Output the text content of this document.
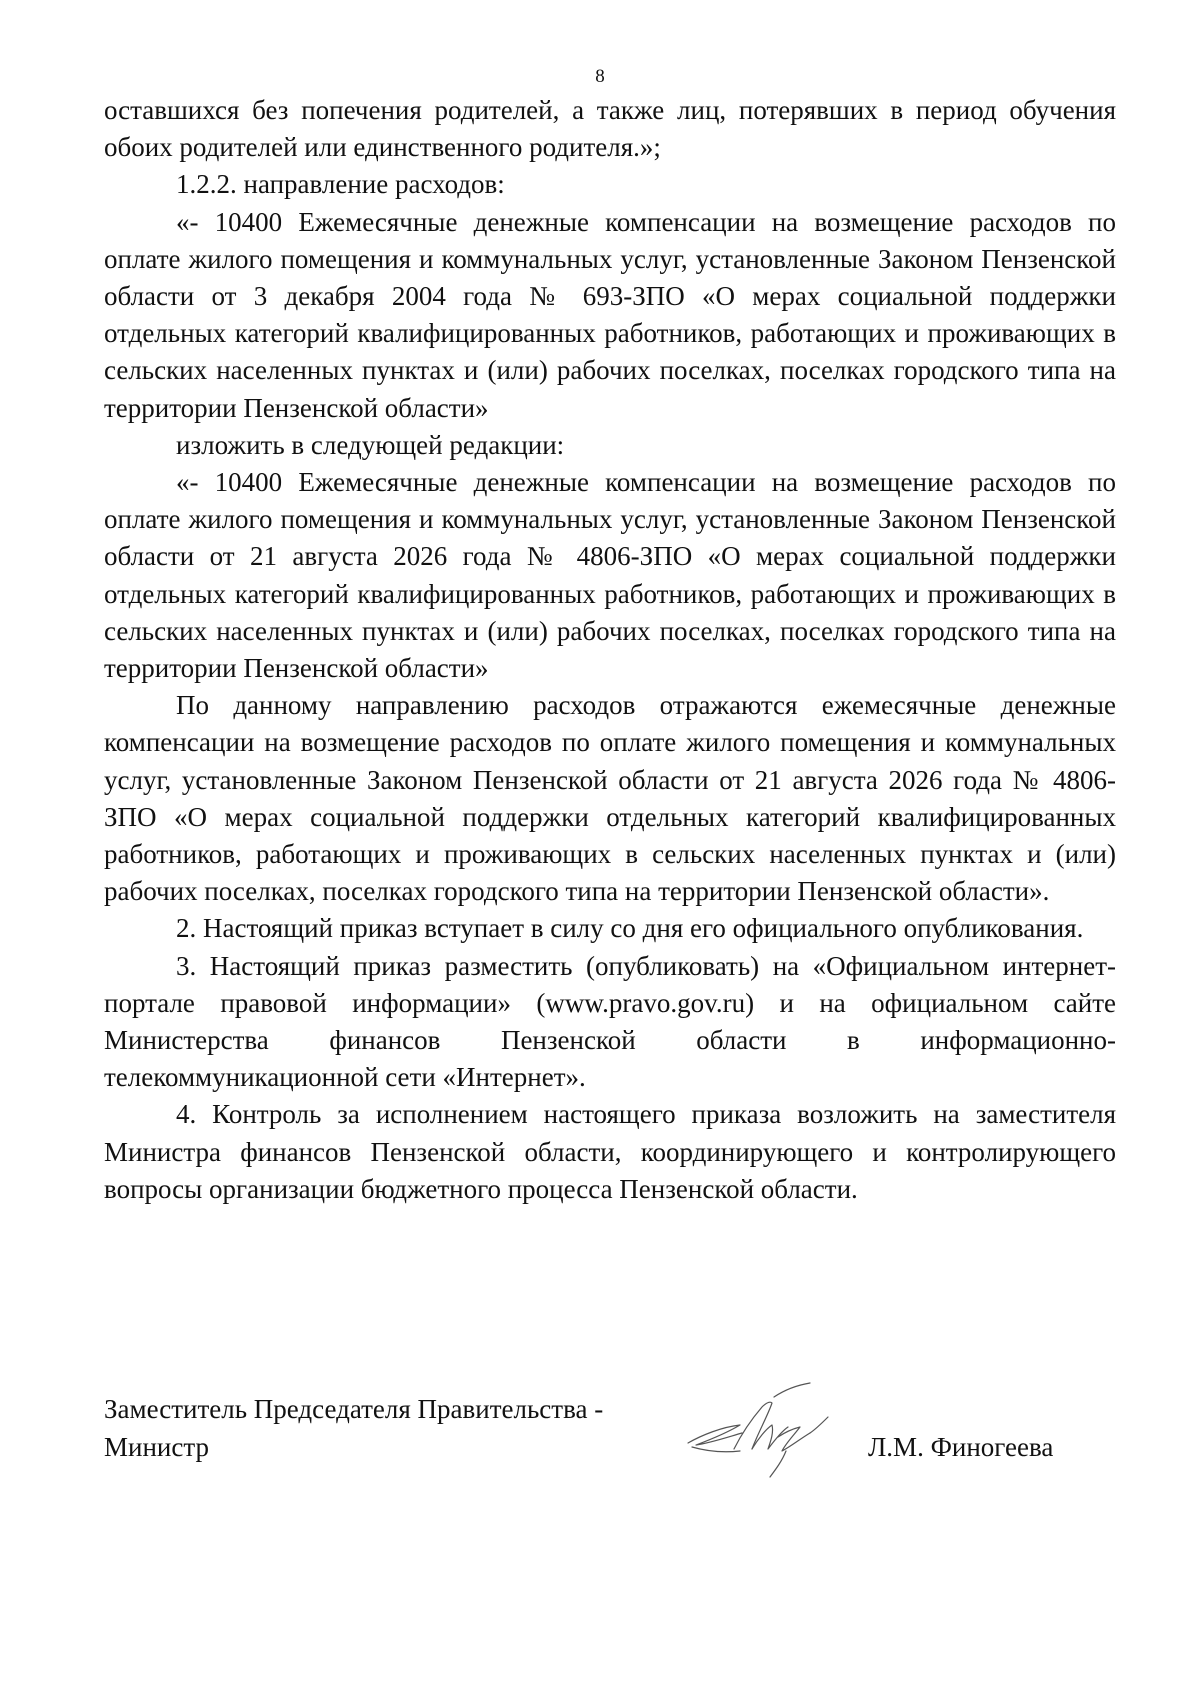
8

оставшихся без попечения родителей, а также лиц, потерявших в период обучения обоих родителей или единственного родителя.»;

1.2.2. направление расходов:

«- 10400 Ежемесячные денежные компенсации на возмещение расходов по оплате жилого помещения и коммунальных услуг, установленные Законом Пензенской области от 3 декабря 2004 года № 693-ЗПО «О мерах социальной поддержки отдельных категорий квалифицированных работников, работающих и проживающих в сельских населенных пунктах и (или) рабочих поселках, поселках городского типа на территории Пензенской области»

изложить в следующей редакции:

«- 10400 Ежемесячные денежные компенсации на возмещение расходов по оплате жилого помещения и коммунальных услуг, установленные Законом Пензенской области от 21 августа 2026 года № 4806-ЗПО «О мерах социальной поддержки отдельных категорий квалифицированных работников, работающих и проживающих в сельских населенных пунктах и (или) рабочих поселках, поселках городского типа на территории Пензенской области»

По данному направлению расходов отражаются ежемесячные денежные компенсации на возмещение расходов по оплате жилого помещения и коммунальных услуг, установленные Законом Пензенской области от 21 августа 2026 года № 4806-ЗПО «О мерах социальной поддержки отдельных категорий квалифицированных работников, работающих и проживающих в сельских населенных пунктах и (или) рабочих поселках, поселках городского типа на территории Пензенской области».

2. Настоящий приказ вступает в силу со дня его официального опубликования.

3. Настоящий приказ разместить (опубликовать) на «Официальном интернет-портале правовой информации» (www.pravo.gov.ru) и на официальном сайте Министерства финансов Пензенской области в информационно-телекоммуникационной сети «Интернет».

4. Контроль за исполнением настоящего приказа возложить на заместителя Министра финансов Пензенской области, координирующего и контролирующего вопросы организации бюджетного процесса Пензенской области.

Заместитель Председателя Правительства -
Министр	Л.М. Финогеева
